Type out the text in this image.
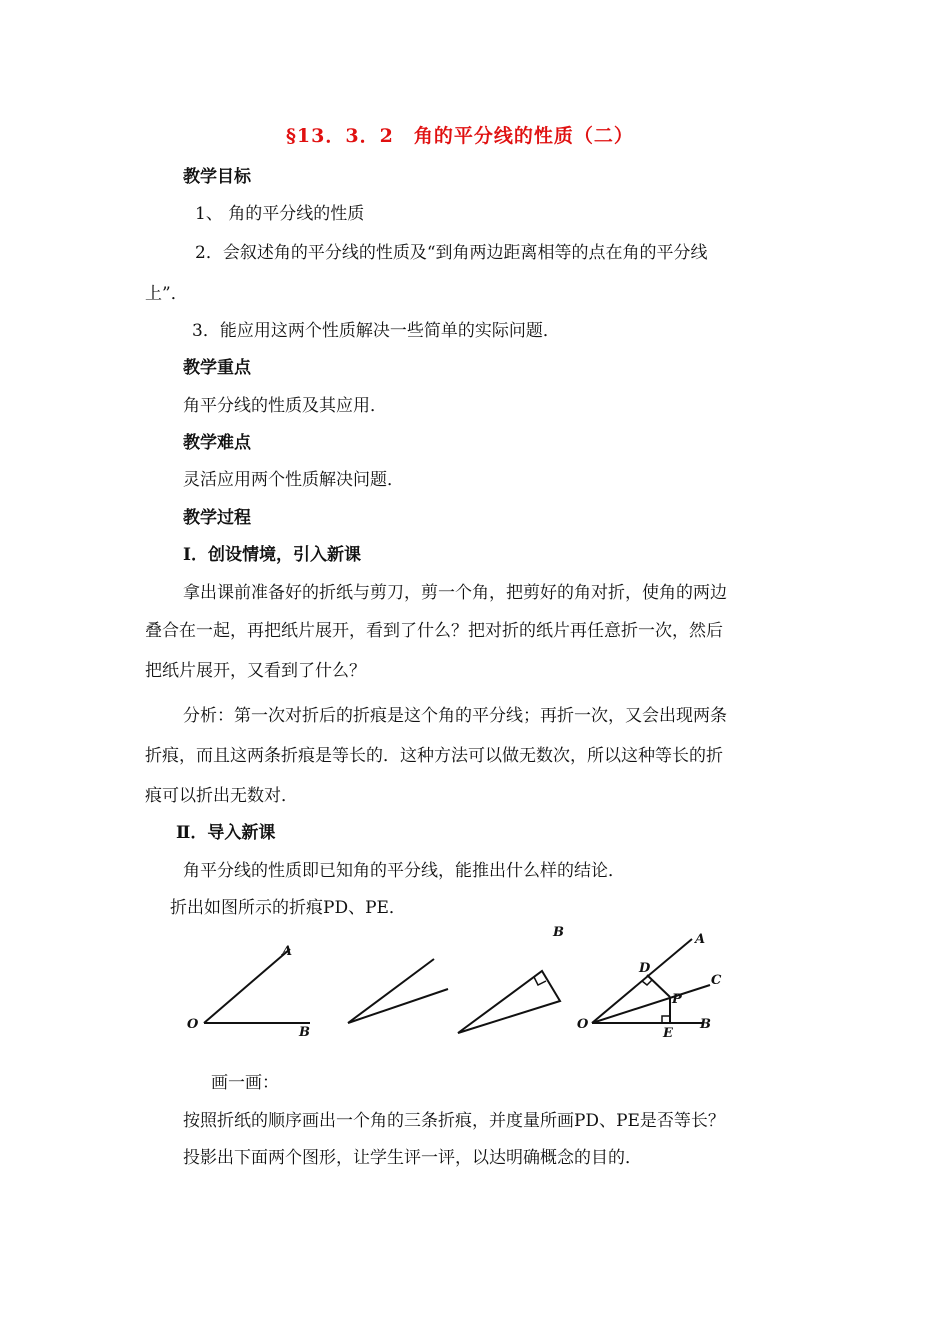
§13．3．2　角的平分线的性质（二）
教学目标
1、 角的平分线的性质
2．会叙述角的平分线的性质及“到角两边距离相等的点在角的平分线
上”．
3．能应用这两个性质解决一些简单的实际问题．
教学重点
角平分线的性质及其应用．
教学难点
灵活应用两个性质解决问题．
教学过程
Ⅰ．创设情境，引入新课
拿出课前准备好的折纸与剪刀，剪一个角，把剪好的角对折，使角的两边
叠合在一起，再把纸片展开，看到了什么？把对折的纸片再任意折一次，然后
把纸片展开，又看到了什么？
分析：第一次对折后的折痕是这个角的平分线；再折一次，又会出现两条
折痕，而且这两条折痕是等长的．这种方法可以做无数次，所以这种等长的折
痕可以折出无数对．
Ⅱ．导入新课
角平分线的性质即已知角的平分线，能推出什么样的结论．
折出如图所示的折痕PD、PE．
A
O
B
B	A
D
C
P
O
E
B
画一画：
按照折纸的顺序画出一个角的三条折痕，并度量所画PD、PE是否等长？
投影出下面两个图形，让学生评一评，以达明确概念的目的．
